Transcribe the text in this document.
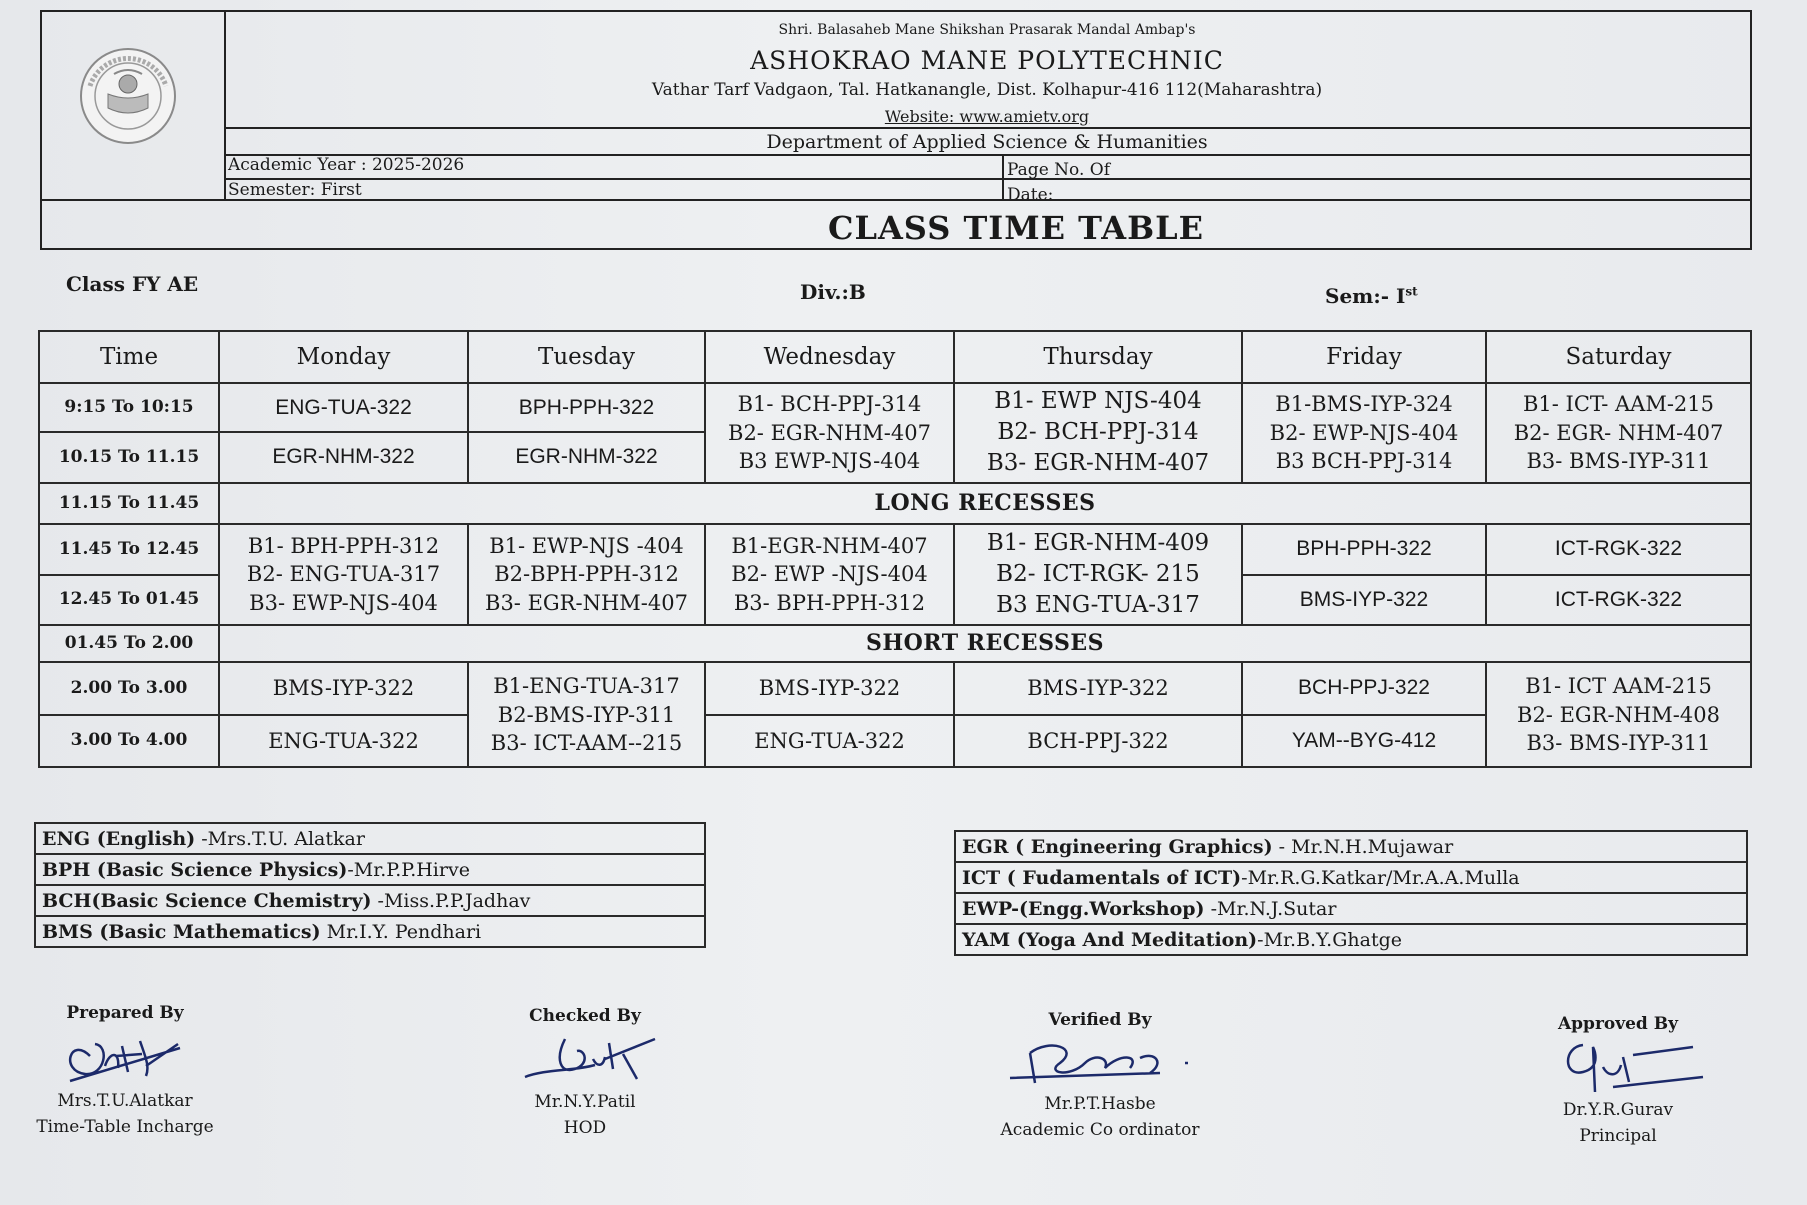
Shri. Balasaheb Mane Shikshan Prasarak Mandal Ambap's
ASHOKRAO MANE POLYTECHNIC
Vathar Tarf Vadgaon, Tal. Hatkanangle, Dist. Kolhapur-416 112(Maharashtra)
Website: www.amietv.org
Department of Applied Science & Humanities
Academic Year : 2025-2026
Semester: First
Page No. Of
Date:
CLASS TIME TABLE
Class FY AE	Div.:B	Sem:- Ist
Time	Monday	Tuesday	Wednesday	Thursday	Friday	Saturday
9:15 To 10:15	ENG-TUA-322	BPH-PPH-322	B1- BCH-PPJ-314
B2- EGR-NHM-407
B3 EWP-NJS-404	B1- EWP NJS-404
B2- BCH-PPJ-314
B3- EGR-NHM-407	B1-BMS-IYP-324
B2- EWP-NJS-404
B3 BCH-PPJ-314	B1- ICT- AAM-215
B2- EGR- NHM-407
B3- BMS-IYP-311

10.15 To 11.15	EGR-NHM-322	EGR-NHM-322				
11.15 To 11.45	LONG RECESSES					
11.45 To 12.45	B1- BPH-PPH-312
B2- ENG-TUA-317
B3- EWP-NJS-404	B1- EWP-NJS -404
B2-BPH-PPH-312
B3- EGR-NHM-407	B1-EGR-NHM-407
B2- EWP -NJS-404
B3- BPH-PPH-312	B1- EGR-NHM-409
B2- ICT-RGK- 215
B3 ENG-TUA-317	BPH-PPH-322	ICT-RGK-322
12.45 To 01.45					BMS-IYP-322	ICT-RGK-322
01.45 To 2.00	SHORT RECESSES					
2.00 To 3.00	BMS-IYP-322	B1-ENG-TUA-317
B2-BMS-IYP-311
B3- ICT-AAM--215	BMS-IYP-322	BMS-IYP-322	BCH-PPJ-322	B1- ICT AAM-215
B2- EGR-NHM-408
B3- BMS-IYP-311

3.00 To 4.00	ENG-TUA-322		ENG-TUA-322	BCH-PPJ-322	YAM--BYG-412	
ENG (English) -Mrs.T.U. Alatkar
BPH (Basic Science Physics)-Mr.P.P.Hirve
BCH(Basic Science Chemistry) -Miss.P.P.Jadhav
BMS (Basic Mathematics) Mr.I.Y. Pendhari
EGR ( Engineering Graphics) - Mr.N.H.Mujawar
ICT ( Fudamentals of ICT)-Mr.R.G.Katkar/Mr.A.A.Mulla
EWP-(Engg.Workshop) -Mr.N.J.Sutar
YAM (Yoga And Meditation)-Mr.B.Y.Ghatge
Prepared By
Mrs.T.U.Alatkar
Time-Table Incharge
Checked By
Mr.N.Y.Patil
HOD
Verified By
Mr.P.T.Hasbe
Academic Co ordinator
Approved By
Dr.Y.R.Gurav
Principal
